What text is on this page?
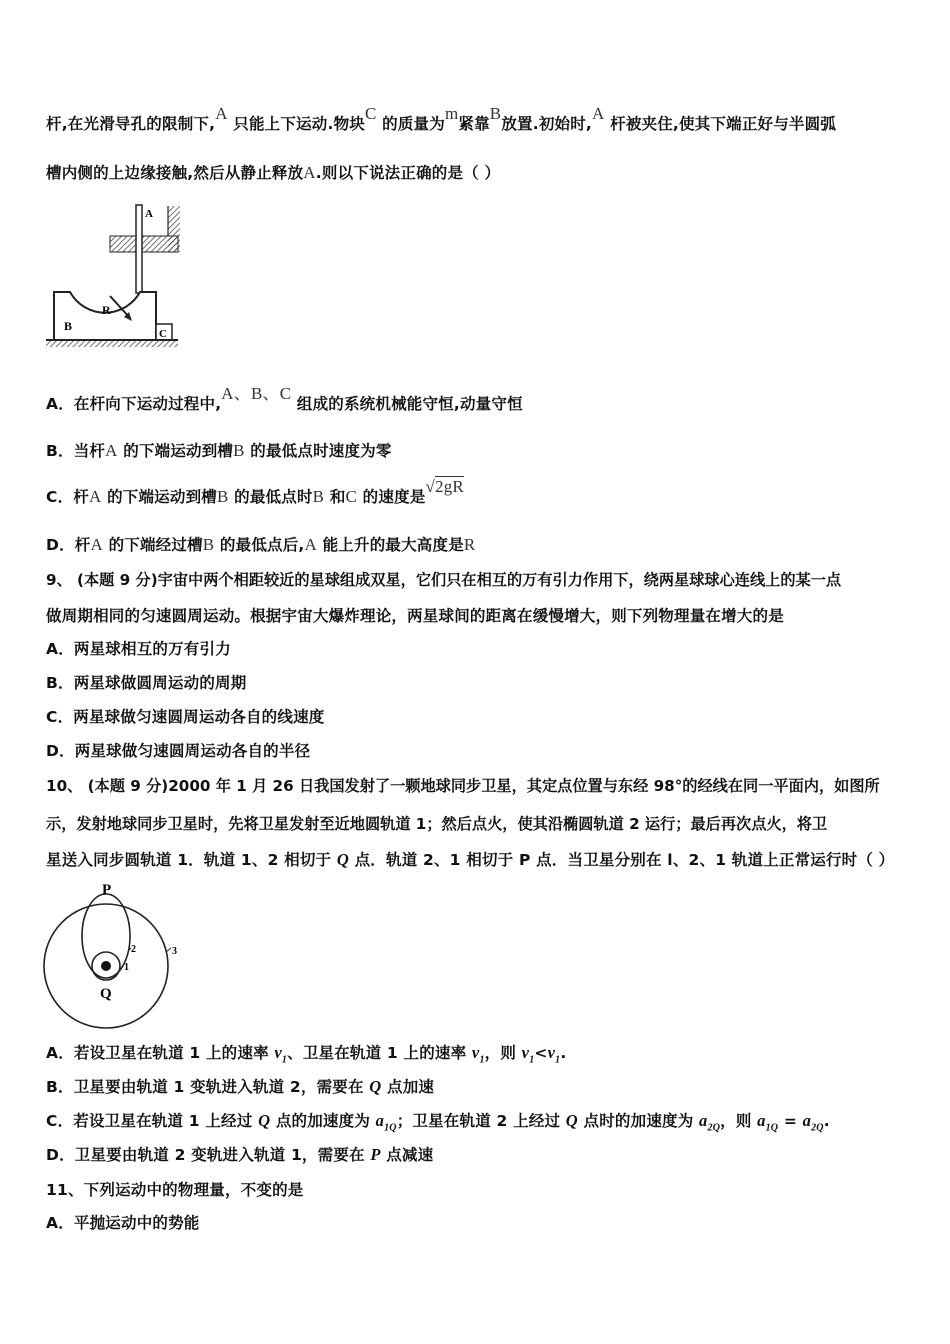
杆,在光滑导孔的限制下,A 只能上下运动.物块C 的质量为m紧靠B放置.初始时,A 杆被夹住,使其下端正好与半圆弧
槽内侧的上边缘接触,然后从静止释放A.则以下说法正确的是（ ）
A
B
R
C
A．在杆向下运动过程中,A、B、C 组成的系统机械能守恒,动量守恒
B．当杆A 的下端运动到槽B 的最低点时速度为零
C．杆A 的下端运动到槽B 的最低点时B 和C 的速度是√2gR
D．杆A 的下端经过槽B 的最低点后,A 能上升的最大高度是R
9、 (本题 9 分)宇宙中两个相距较近的星球组成双星，它们只在相互的万有引力作用下，绕两星球球心连线上的某一点
做周期相同的匀速圆周运动。根据宇宙大爆炸理论，两星球间的距离在缓慢增大，则下列物理量在增大的是
A．两星球相互的万有引力
B．两星球做圆周运动的周期
C．两星球做匀速圆周运动各自的线速度
D．两星球做匀速圆周运动各自的半径
10、 (本题 9 分)2000 年 1 月 26 日我国发射了一颗地球同步卫星，其定点位置与东经 98°的经线在同一平面内，如图所
示，发射地球同步卫星时，先将卫星发射至近地圆轨道 1；然后点火，使其沿椭圆轨道 2 运行；最后再次点火，将卫
星送入同步圆轨道 1．轨道 1、2 相切于 Q 点．轨道 2、1 相切于 P 点．当卫星分别在 l、2、1 轨道上正常运行时（ ）
P
Q
1
2	3
A．若设卫星在轨道 1 上的速率 $v_1$、卫星在轨道 1 上的速率 $v_1$，则 $v_1<v_1$.
B．卫星要由轨道 1 变轨进入轨道 2，需要在 Q 点加速
C．若设卫星在轨道 1 上经过 Q 点的加速度为 $a_{1Q}$；卫星在轨道 2 上经过 Q 点时的加速度为 $a_{2Q}$，则 $a_{1Q} = a_{2Q}$.
D．卫星要由轨道 2 变轨进入轨道 1，需要在 P 点减速
11、下列运动中的物理量，不变的是
A．平抛运动中的势能
